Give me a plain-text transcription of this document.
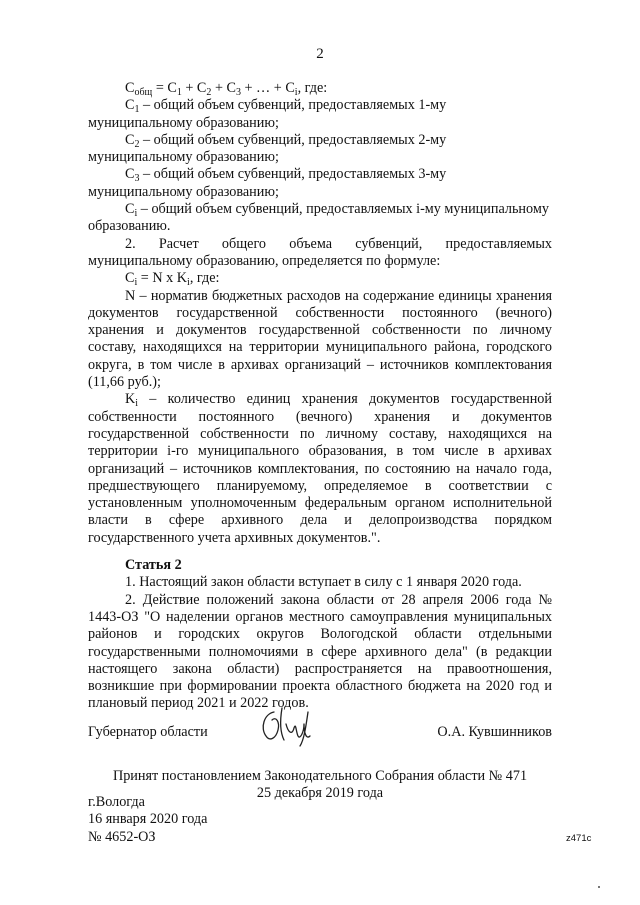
2

$С_{общ} = С_1 + С_2 + С_3$ + … + $С_i$, где:

$С_1$ – общий объем субвенций, предоставляемых 1-му муниципальному образованию;

$С_2$ – общий объем субвенций, предоставляемых 2-му муниципальному образованию;

$С_3$ – общий объем субвенций, предоставляемых 3-му муниципальному образованию;

$С_i$ – общий объем субвенций, предоставляемых i-му муниципальному образованию.

2. Расчет общего объема субвенций, предоставляемых муниципальному образованию, определяется по формуле:

$С_i = N$ x $K_i$, где:

N – норматив бюджетных расходов на содержание единицы хранения документов государственной собственности постоянного (вечного) хранения и документов государственной собственности по личному составу, находящихся на территории муниципального района, городского округа, в том числе в архивах организаций – источников комплектования (11,66 руб.);

$K_i$ – количество единиц хранения документов государственной собственности постоянного (вечного) хранения и документов государственной собственности по личному составу, находящихся на территории i-го муниципального образования, в том числе в архивах организаций – источников комплектования, по состоянию на начало года, предшествующего планируемому, определяемое в соответствии с установленным уполномоченным федеральным органом исполнительной власти в сфере архивного дела и делопроизводства порядком государственного учета архивных документов.".

Статья 2

1. Настоящий закон области вступает в силу с 1 января 2020 года.

2. Действие положений закона области от 28 апреля 2006 года № 1443-ОЗ "О наделении органов местного самоуправления муниципальных районов и городских округов Вологодской области отдельными государственными полномочиями в сфере архивного дела" (в редакции настоящего закона области) распространяется на правоотношения, возникшие при формировании проекта областного бюджета на 2020 год и плановый период 2021 и 2022 годов.

Губернатор области	О.А. Кувшинников

Принят постановлением Законодательного Собрания области № 471

25 декабря 2019 года

г.Вологда

16 января 2020 года

№ 4652-ОЗ	z471c
